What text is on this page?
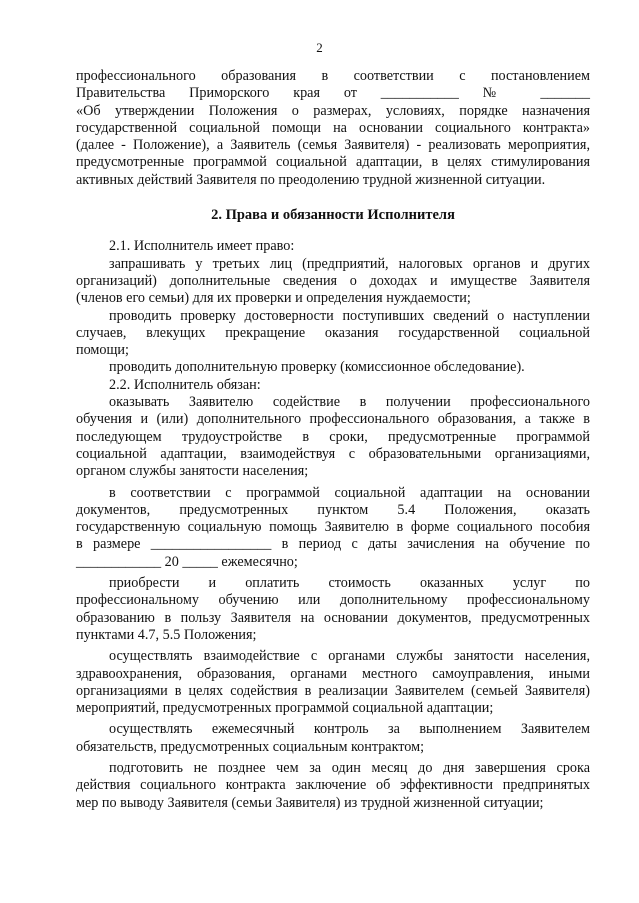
2

профессионального образования в соответствии с постановлением

Правительства Приморского края от ___________ № _______

«Об утверждении Положения о размерах, условиях, порядке назначения

государственной социальной помощи на основании социального контракта»

(далее - Положение), а Заявитель (семья Заявителя) - реализовать мероприятия,

предусмотренные программой социальной адаптации, в целях стимулирования

активных действий Заявителя по преодолению трудной жизненной ситуации.

2. Права и обязанности Исполнителя

2.1. Исполнитель имеет право:

запрашивать у третьих лиц (предприятий, налоговых органов и других

организаций) дополнительные сведения о доходах и имуществе Заявителя

(членов его семьи) для их проверки и определения нуждаемости;

проводить проверку достоверности поступивших сведений о наступлении

случаев, влекущих прекращение оказания государственной социальной

помощи;

проводить дополнительную проверку (комиссионное обследование).

2.2. Исполнитель обязан:

оказывать Заявителю содействие в получении профессионального

обучения и (или) дополнительного профессионального образования, а также в

последующем трудоустройстве в сроки, предусмотренные программой

социальной адаптации, взаимодействуя с образовательными организациями,

органом службы занятости населения;

в соответствии с программой социальной адаптации на основании

документов, предусмотренных пунктом 5.4 Положения, оказать

государственную социальную помощь Заявителю в форме социального пособия

в размере _________________ в период с даты зачисления на обучение по

____________ 20 _____ ежемесячно;

приобрести и оплатить стоимость оказанных услуг по

профессиональному обучению или дополнительному профессиональному

образованию в пользу Заявителя на основании документов, предусмотренных

пунктами 4.7, 5.5 Положения;

осуществлять взаимодействие с органами службы занятости населения,

здравоохранения, образования, органами местного самоуправления, иными

организациями в целях содействия в реализации Заявителем (семьей Заявителя)

мероприятий, предусмотренных программой социальной адаптации;

осуществлять ежемесячный контроль за выполнением Заявителем

обязательств, предусмотренных социальным контрактом;

подготовить не позднее чем за один месяц до дня завершения срока

действия социального контракта заключение об эффективности предпринятых

мер по выводу Заявителя (семьи Заявителя) из трудной жизненной ситуации;
